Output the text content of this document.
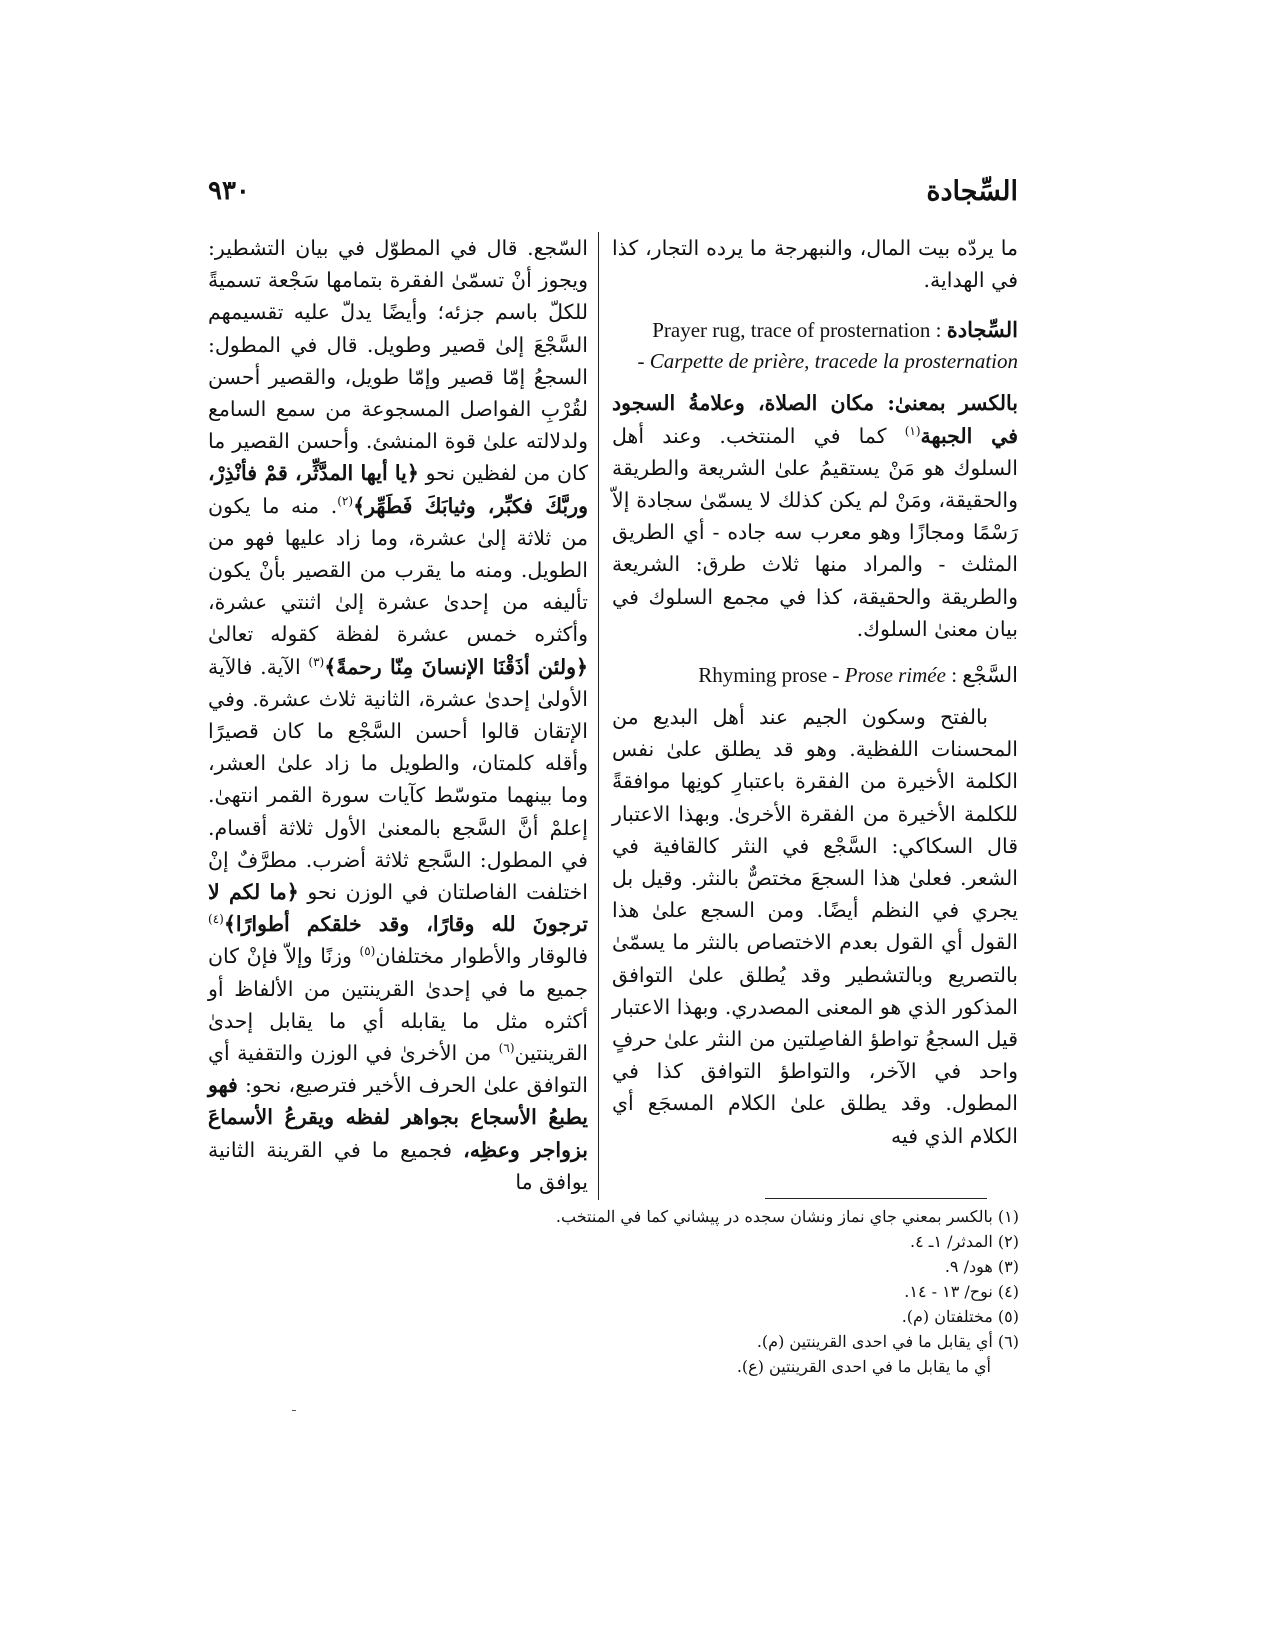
٩٣٠	السِّجادة

ما يردّه بيت المال، والنبهرجة ما يرده التجار، كذا في الهداية.

Prayer rug, trace of prosternation : السِّجادة
- Carpette de prière, tracede la prosternation

بالكسر بمعنىٰ: مكان الصلاة، وعلامةُ السجود في الجبهة$^{(١)}$ كما في المنتخب. وعند أهل السلوك هو مَنْ يستقيمُ علىٰ الشريعة والطريقة والحقيقة، ومَنْ لم يكن كذلك لا يسمّىٰ سجادة إلاّ رَسْمًا ومجازًا وهو معرب سه جاده - أي الطريق المثلث - والمراد منها ثلاث طرق: الشريعة والطريقة والحقيقة، كذا في مجمع السلوك في بيان معنىٰ السلوك.

Rhyming prose - Prose rimée : السَّجْع

بالفتح وسكون الجيم عند أهل البديع من المحسنات اللفظية. وهو قد يطلق علىٰ نفس الكلمة الأخيرة من الفقرة باعتبارِ كونِها موافقةً للكلمة الأخيرة من الفقرة الأخرىٰ. وبهذا الاعتبار قال السكاكي: السَّجْع في النثر كالقافية في الشعر. فعلىٰ هذا السجعَ مختصٌّ بالنثر. وقيل بل يجري في النظم أيضًا. ومن السجع علىٰ هذا القول أي القول بعدم الاختصاص بالنثر ما يسمّىٰ بالتصريع وبالتشطير وقد يُطلق علىٰ التوافق المذكور الذي هو المعنى المصدري. وبهذا الاعتبار قيل السجعُ تواطؤ الفاصِلتين من النثر علىٰ حرفٍ واحد في الآخر، والتواطؤ التوافق كذا في المطول. وقد يطلق علىٰ الكلام المسجَع أي الكلام الذي فيه

السّجع. قال في المطوّل في بيان التشطير: ويجوز أنْ تسمّىٰ الفقرة بتمامها سَجْعة تسميةً للكلّ باسم جزئه؛ وأيضًا يدلّ عليه تقسيمهم السَّجْعَ إلىٰ قصير وطويل. قال في المطول: السجعُ إمّا قصير وإمّا طويل، والقصير أحسن لقُرْبِ الفواصل المسجوعة من سمع السامع ولدلالته علىٰ قوة المنشئ. وأحسن القصير ما كان من لفظين نحو ﴿يا أيها المدَّثِّر، قمْ فأنْذِرْ، وربَّكَ فكبِّر، وثيابَكَ فَطَهِّر﴾$^{(٢)}$. منه ما يكون من ثلاثة إلىٰ عشرة، وما زاد عليها فهو من الطويل. ومنه ما يقرب من القصير بأنْ يكون تأليفه من إحدىٰ عشرة إلىٰ اثنتي عشرة، وأكثره خمس عشرة لفظة كقوله تعالىٰ ﴿ولئن أذَقْنَا الإنسانَ مِنّا رحمةً﴾$^{(٣)}$ الآية. فالآية الأولىٰ إحدىٰ عشرة، الثانية ثلاث عشرة. وفي الإتقان قالوا أحسن السَّجْع ما كان قصيرًا وأقله كلمتان، والطويل ما زاد علىٰ العشر، وما بينهما متوسّط كآيات سورة القمر انتهىٰ. إعلمْ أنَّ السَّجع بالمعنىٰ الأول ثلاثة أقسام. في المطول: السَّجع ثلاثة أضرب. مطرَّفٌ إنْ اختلفت الفاصلتان في الوزن نحو ﴿ما لكم لا ترجونَ لله وقارًا، وقد خلقكم أطوارًا﴾$^{(٤)}$ فالوقار والأطوار مختلفان$^{(٥)}$ وزنًا وإلاّ فإنْ كان جميع ما في إحدىٰ القرينتين من الألفاظ أو أكثره مثل ما يقابله أي ما يقابل إحدىٰ القرينتين$^{(٦)}$ من الأخرىٰ في الوزن والتقفية أي التوافق علىٰ الحرف الأخير فترصيع، نحو: فهو يطبعُ الأسجاع بجواهر لفظه ويقرعُ الأسماعَ بزواجر وعظِه، فجميع ما في القرينة الثانية يوافق ما

(١) بالكسر بمعني جاي نماز ونشان سجده در پيشاني كما في المنتخب.

(٢) المدثر/ ١ـ ٤.

(٣) هود/ ٩.

(٤) نوح/ ١٣ - ١٤.

(٥) مختلفتان (م).

(٦) أي يقابل ما في احدى القرينتين (م).

أي ما يقابل ما في احدى القرينتين (ع).
